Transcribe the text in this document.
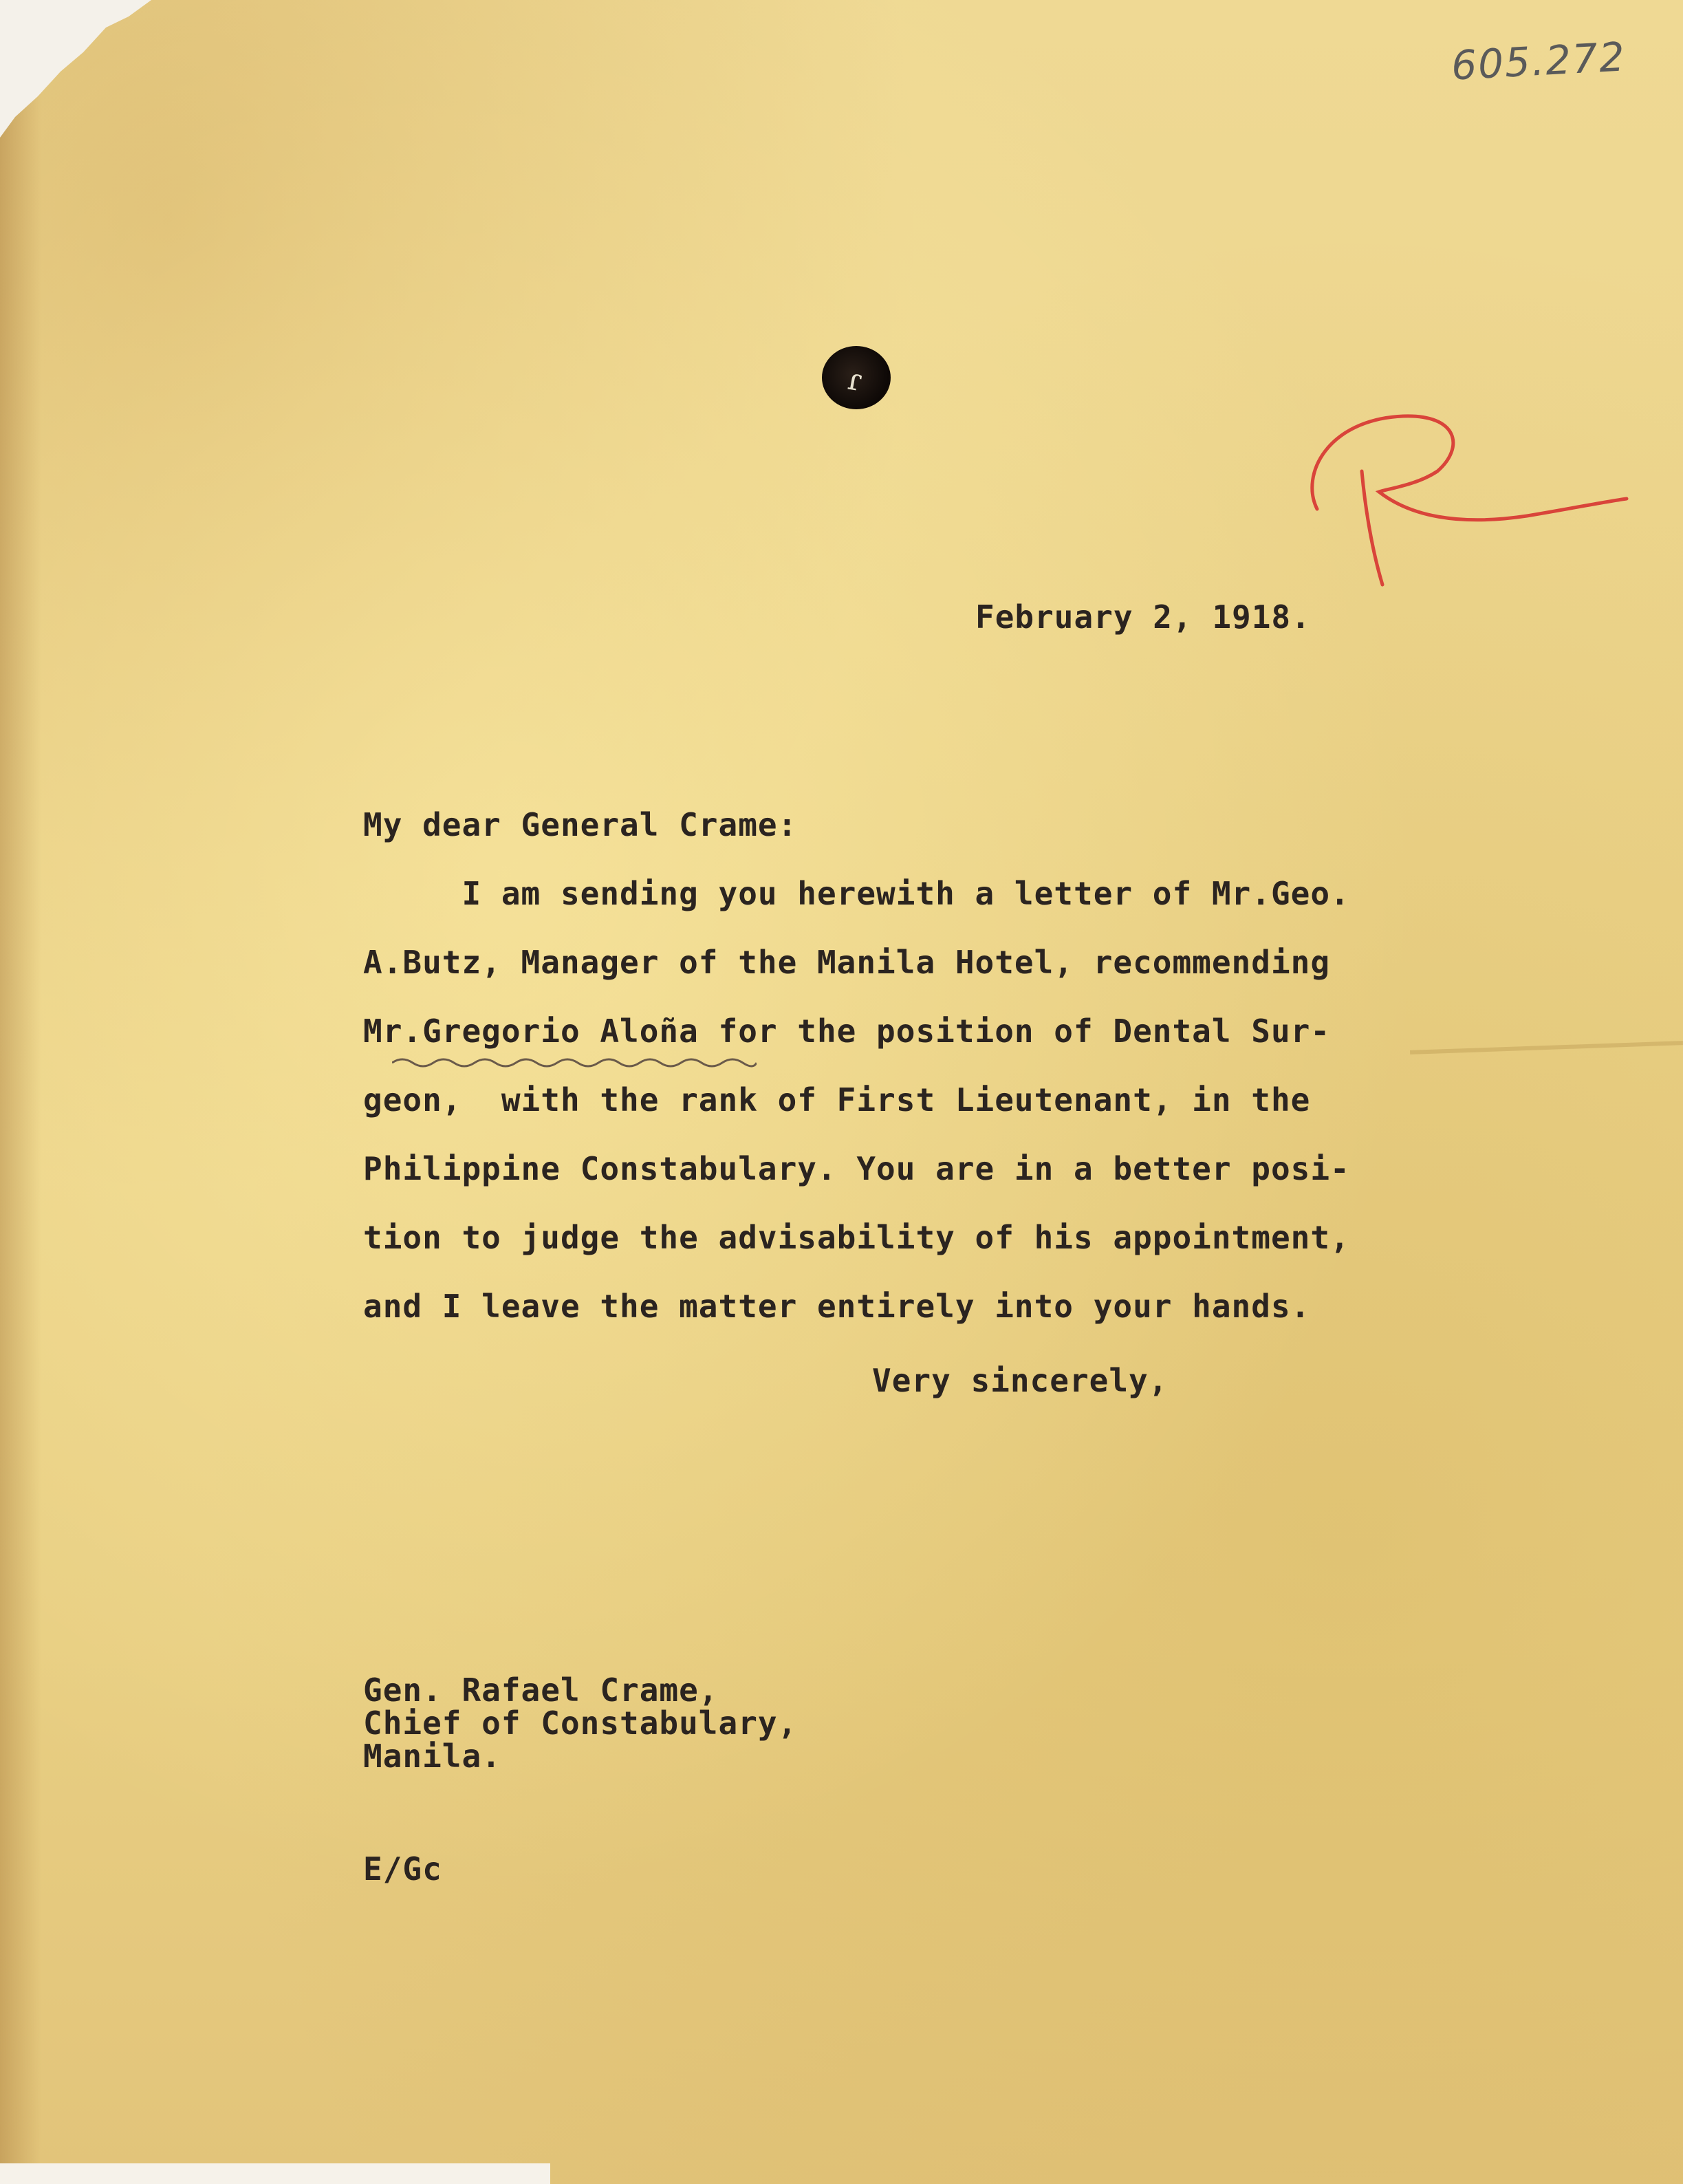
605.272
ɾ
February 2, 1918.
My dear General Crame:
I am sending you herewith a letter of Mr.Geo.
A.Butz, Manager of the Manila Hotel, recommending
Mr.Gregorio Aloña for the position of Dental Sur-
geon,  with the rank of First Lieutenant, in the
Philippine Constabulary. You are in a better posi-
tion to judge the advisability of his appointment,
and I leave the matter entirely into your hands.
Very sincerely,
Gen. Rafael Crame,
Chief of Constabulary,
Manila.
E/Gc
